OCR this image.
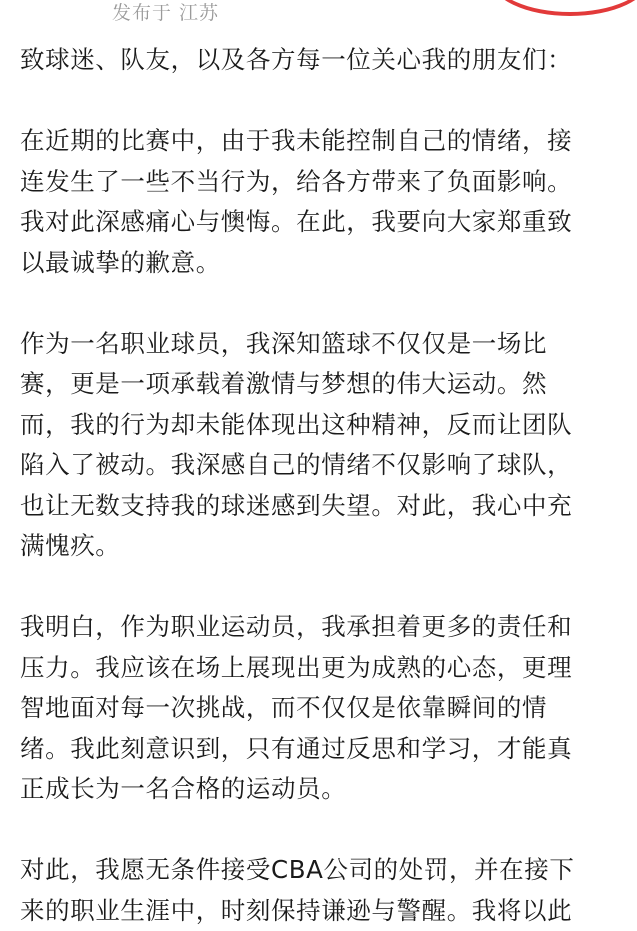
发布于 江苏

致球迷、队友，以及各方每一位关心我的朋友们：

在近期的比赛中，由于我未能控制自己的情绪，接
连发生了一些不当行为，给各方带来了负面影响。
我对此深感痛心与懊悔。在此，我要向大家郑重致
以最诚挚的歉意。

作为一名职业球员，我深知篮球不仅仅是一场比
赛，更是一项承载着激情与梦想的伟大运动。然
而，我的行为却未能体现出这种精神，反而让团队
陷入了被动。我深感自己的情绪不仅影响了球队，
也让无数支持我的球迷感到失望。对此，我心中充
满愧疚。

我明白，作为职业运动员，我承担着更多的责任和
压力。我应该在场上展现出更为成熟的心态，更理
智地面对每一次挑战，而不仅仅是依靠瞬间的情
绪。我此刻意识到，只有通过反思和学习，才能真
正成长为一名合格的运动员。

对此，我愿无条件接受CBA公司的处罚，并在接下
来的职业生涯中，时刻保持谦逊与警醒。我将以此
